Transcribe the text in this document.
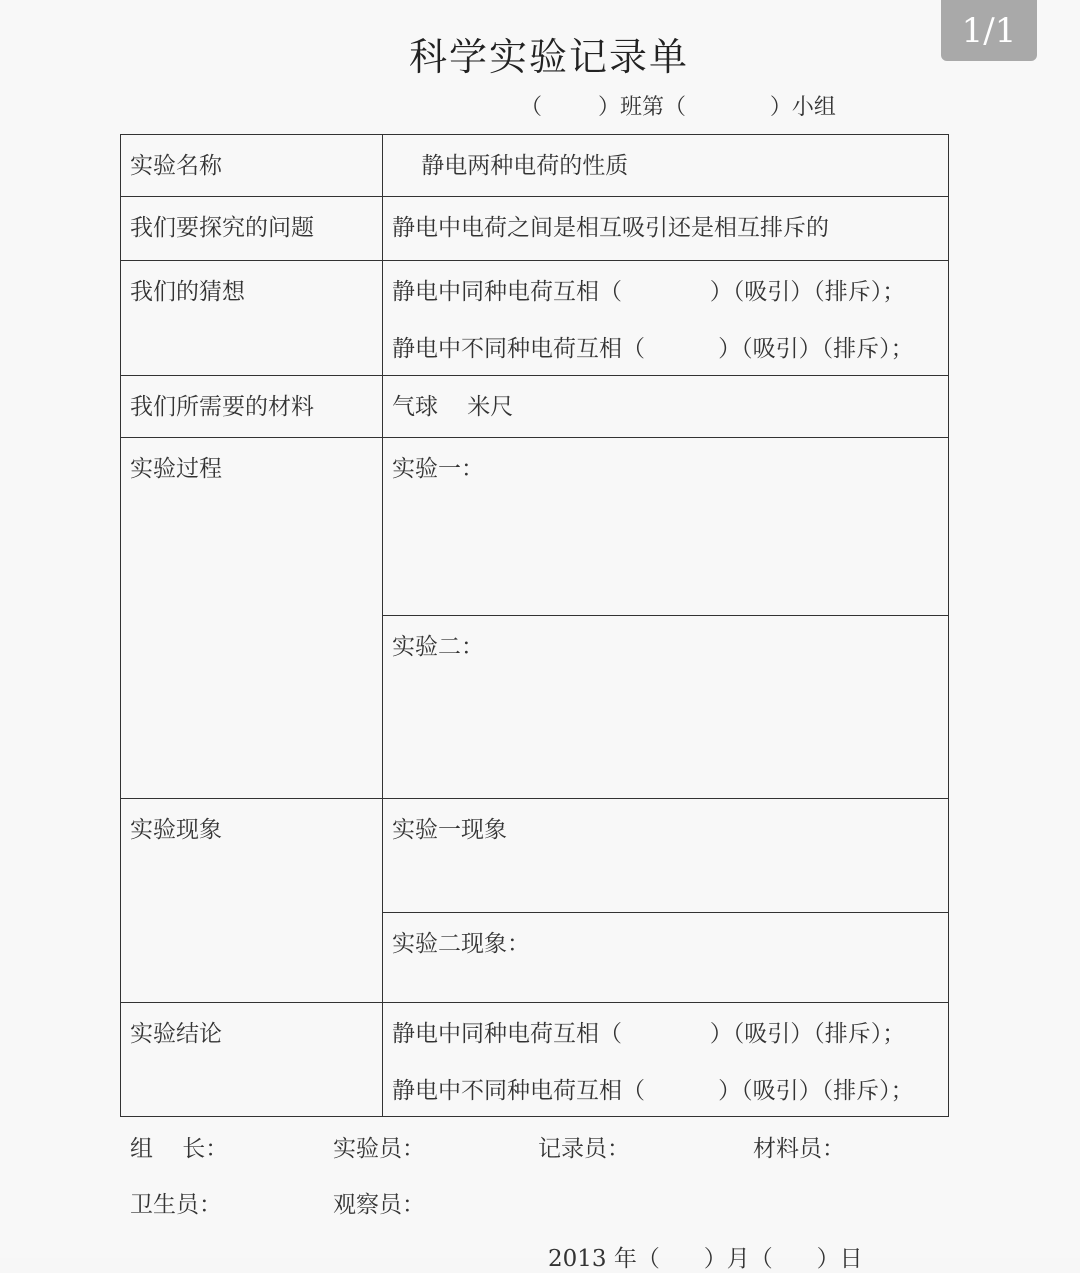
1/1
科学实验记录单
（        ）班第（            ）小组
实验名称	静电两种电荷的性质

我们要探究的问题	静电中电荷之间是相互吸引还是相互排斥的

我们的猜想	静电中同种电荷互相（            ）（吸引）（排斥）；
静电中不同种电荷互相（          ）（吸引）（排斥）；

我们所需要的材料	气球    米尺

实验过程	实验一：

	实验二：

实验现象	实验一现象

	实验二现象：

实验结论	静电中同种电荷互相（            ）（吸引）（排斥）；
静电中不同种电荷互相（          ）（吸引）（排斥）；
组    长：	实验员：	记录员：	材料员：
卫生员：	观察员：
2013 年（      ）月（      ）日
